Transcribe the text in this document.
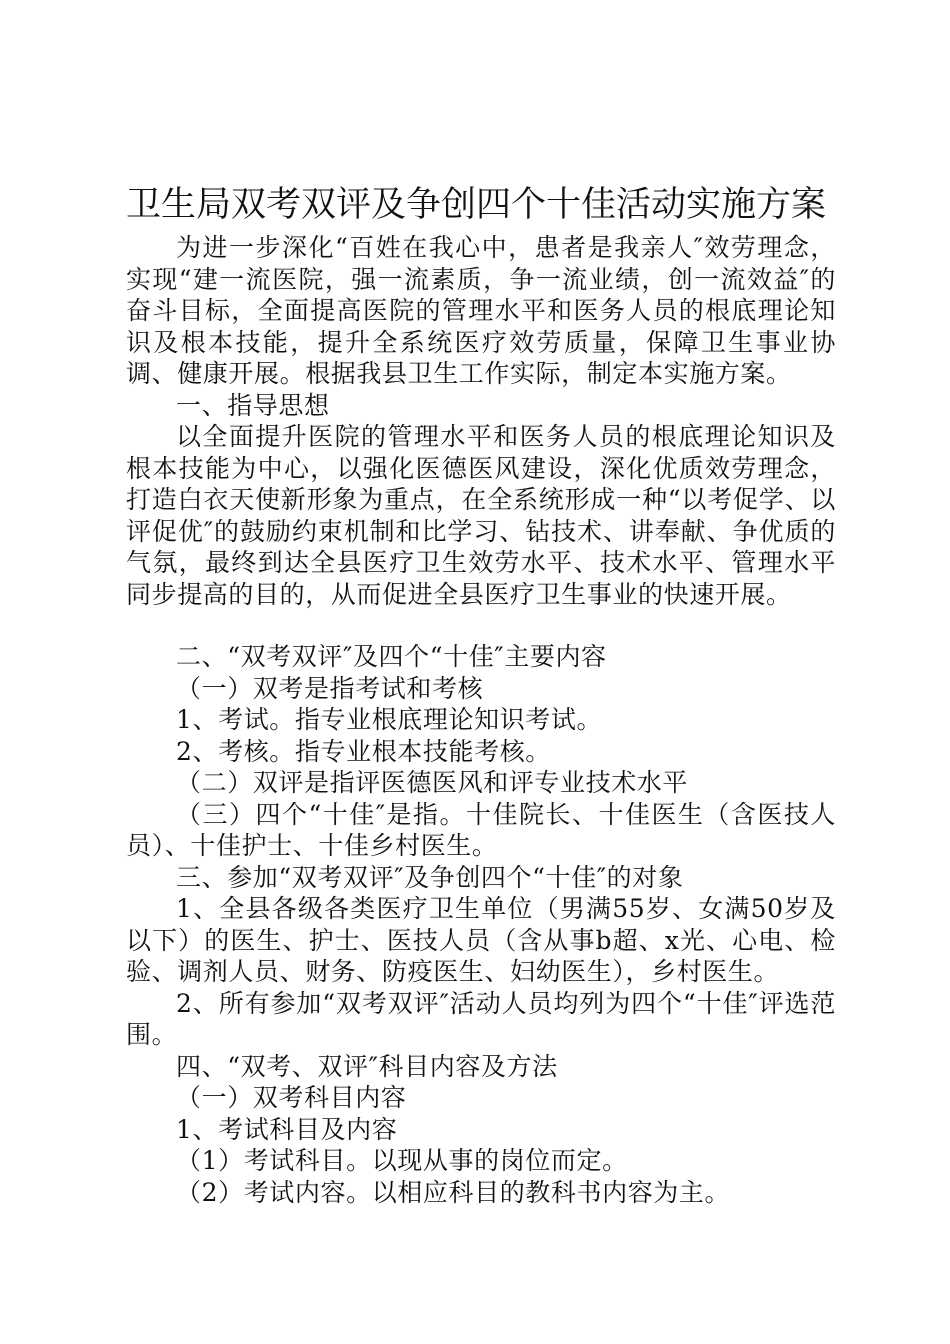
卫生局双考双评及争创四个十佳活动实施方案

为进一步深化“百姓在我心中，患者是我亲人″效劳理念，实现“建一流医院，强一流素质，争一流业绩，创一流效益″的奋斗目标，全面提高医院的管理水平和医务人员的根底理论知识及根本技能，提升全系统医疗效劳质量，保障卫生事业协调、健康开展。根据我县卫生工作实际，制定本实施方案。

一、指导思想

以全面提升医院的管理水平和医务人员的根底理论知识及根本技能为中心，以强化医德医风建设，深化优质效劳理念，打造白衣天使新形象为重点，在全系统形成一种“以考促学、以评促优″的鼓励约束机制和比学习、钻技术、讲奉献、争优质的气氛，最终到达全县医疗卫生效劳水平、技术水平、管理水平同步提高的目的，从而促进全县医疗卫生事业的快速开展。

二、“双考双评″及四个“十佳″主要内容

（一）双考是指考试和考核

1、考试。指专业根底理论知识考试。

2、考核。指专业根本技能考核。

（二）双评是指评医德医风和评专业技术水平

（三）四个“十佳″是指。十佳院长、十佳医生（含医技人员）、十佳护士、十佳乡村医生。

三、参加“双考双评″及争创四个“十佳″的对象

1、全县各级各类医疗卫生单位（男满55岁、女满50岁及以下）的医生、护士、医技人员（含从事b超、x光、心电、检验、调剂人员、财务、防疫医生、妇幼医生），乡村医生。

2、所有参加“双考双评″活动人员均列为四个“十佳″评选范围。

四、“双考、双评″科目内容及方法

（一）双考科目内容

1、考试科目及内容

（1）考试科目。以现从事的岗位而定。

（2）考试内容。以相应科目的教科书内容为主。
